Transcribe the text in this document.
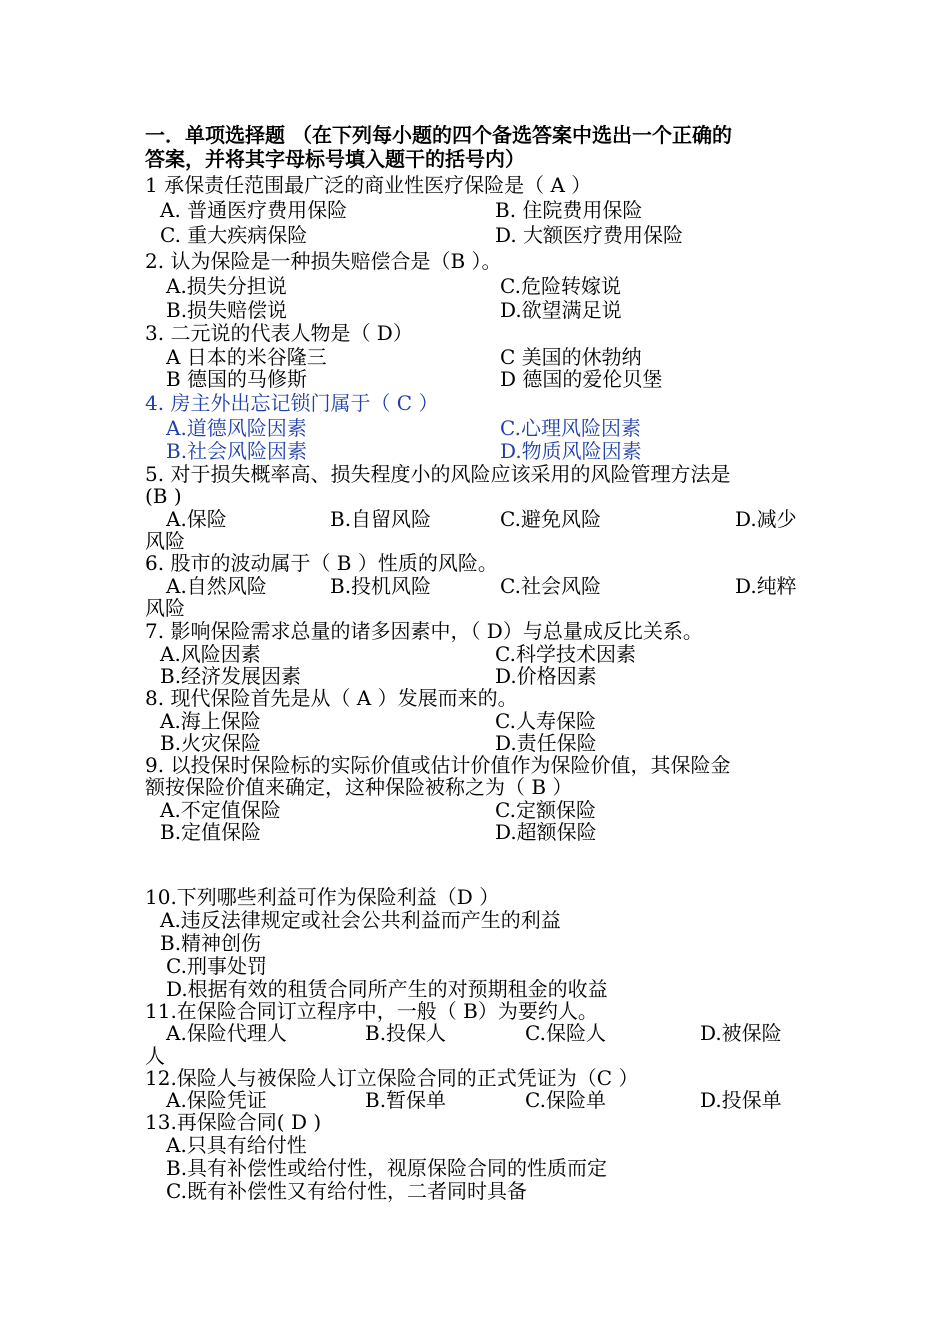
一．单项选择题 （在下列每小题的四个备选答案中选出一个正确的
答案，并将其字母标号填入题干的括号内）
1 承保责任范围最广泛的商业性医疗保险是（ A ）
A. 普通医疗费用保险	B. 住院费用保险
C. 重大疾病保险	D. 大额医疗费用保险
2. 认为保险是一种损失赔偿合是（B ）。
A.损失分担说	C.危险转嫁说
B.损失赔偿说	D.欲望满足说
3. 二元说的代表人物是（ D）
A 日本的米谷隆三	C 美国的休勃纳
B 德国的马修斯	D 德国的爱伦贝堡
4. 房主外出忘记锁门属于（ C ）
A.道德风险因素	C.心理风险因素
B.社会风险因素	D.物质风险因素
5. 对于损失概率高、损失程度小的风险应该采用的风险管理方法是
(B )
A.保险	B.自留风险	C.避免风险	D.减少
风险
6. 股市的波动属于（ B ）性质的风险。
A.自然风险	B.投机风险	C.社会风险	D.纯粹
风险
7. 影响保险需求总量的诸多因素中，（ D）与总量成反比关系。
A.风险因素	C.科学技术因素
B.经济发展因素	D.价格因素
8. 现代保险首先是从（ A ）发展而来的。
A.海上保险	C.人寿保险
B.火灾保险	D.责任保险
9. 以投保时保险标的实际价值或估计价值作为保险价值，其保险金
额按保险价值来确定，这种保险被称之为（ B ）
A.不定值保险	C.定额保险
B.定值保险	D.超额保险
10.下列哪些利益可作为保险利益（D ）
A.违反法律规定或社会公共利益而产生的利益
B.精神创伤
C.刑事处罚
D.根据有效的租赁合同所产生的对预期租金的收益
11.在保险合同订立程序中，一般（ B）为要约人。
A.保险代理人	B.投保人	C.保险人	D.被保险
人
12.保险人与被保险人订立保险合同的正式凭证为（C ）
A.保险凭证	B.暂保单	C.保险单	D.投保单
13.再保险合同( D )
A.只具有给付性
B.具有补偿性或给付性，视原保险合同的性质而定
C.既有补偿性又有给付性，二者同时具备
